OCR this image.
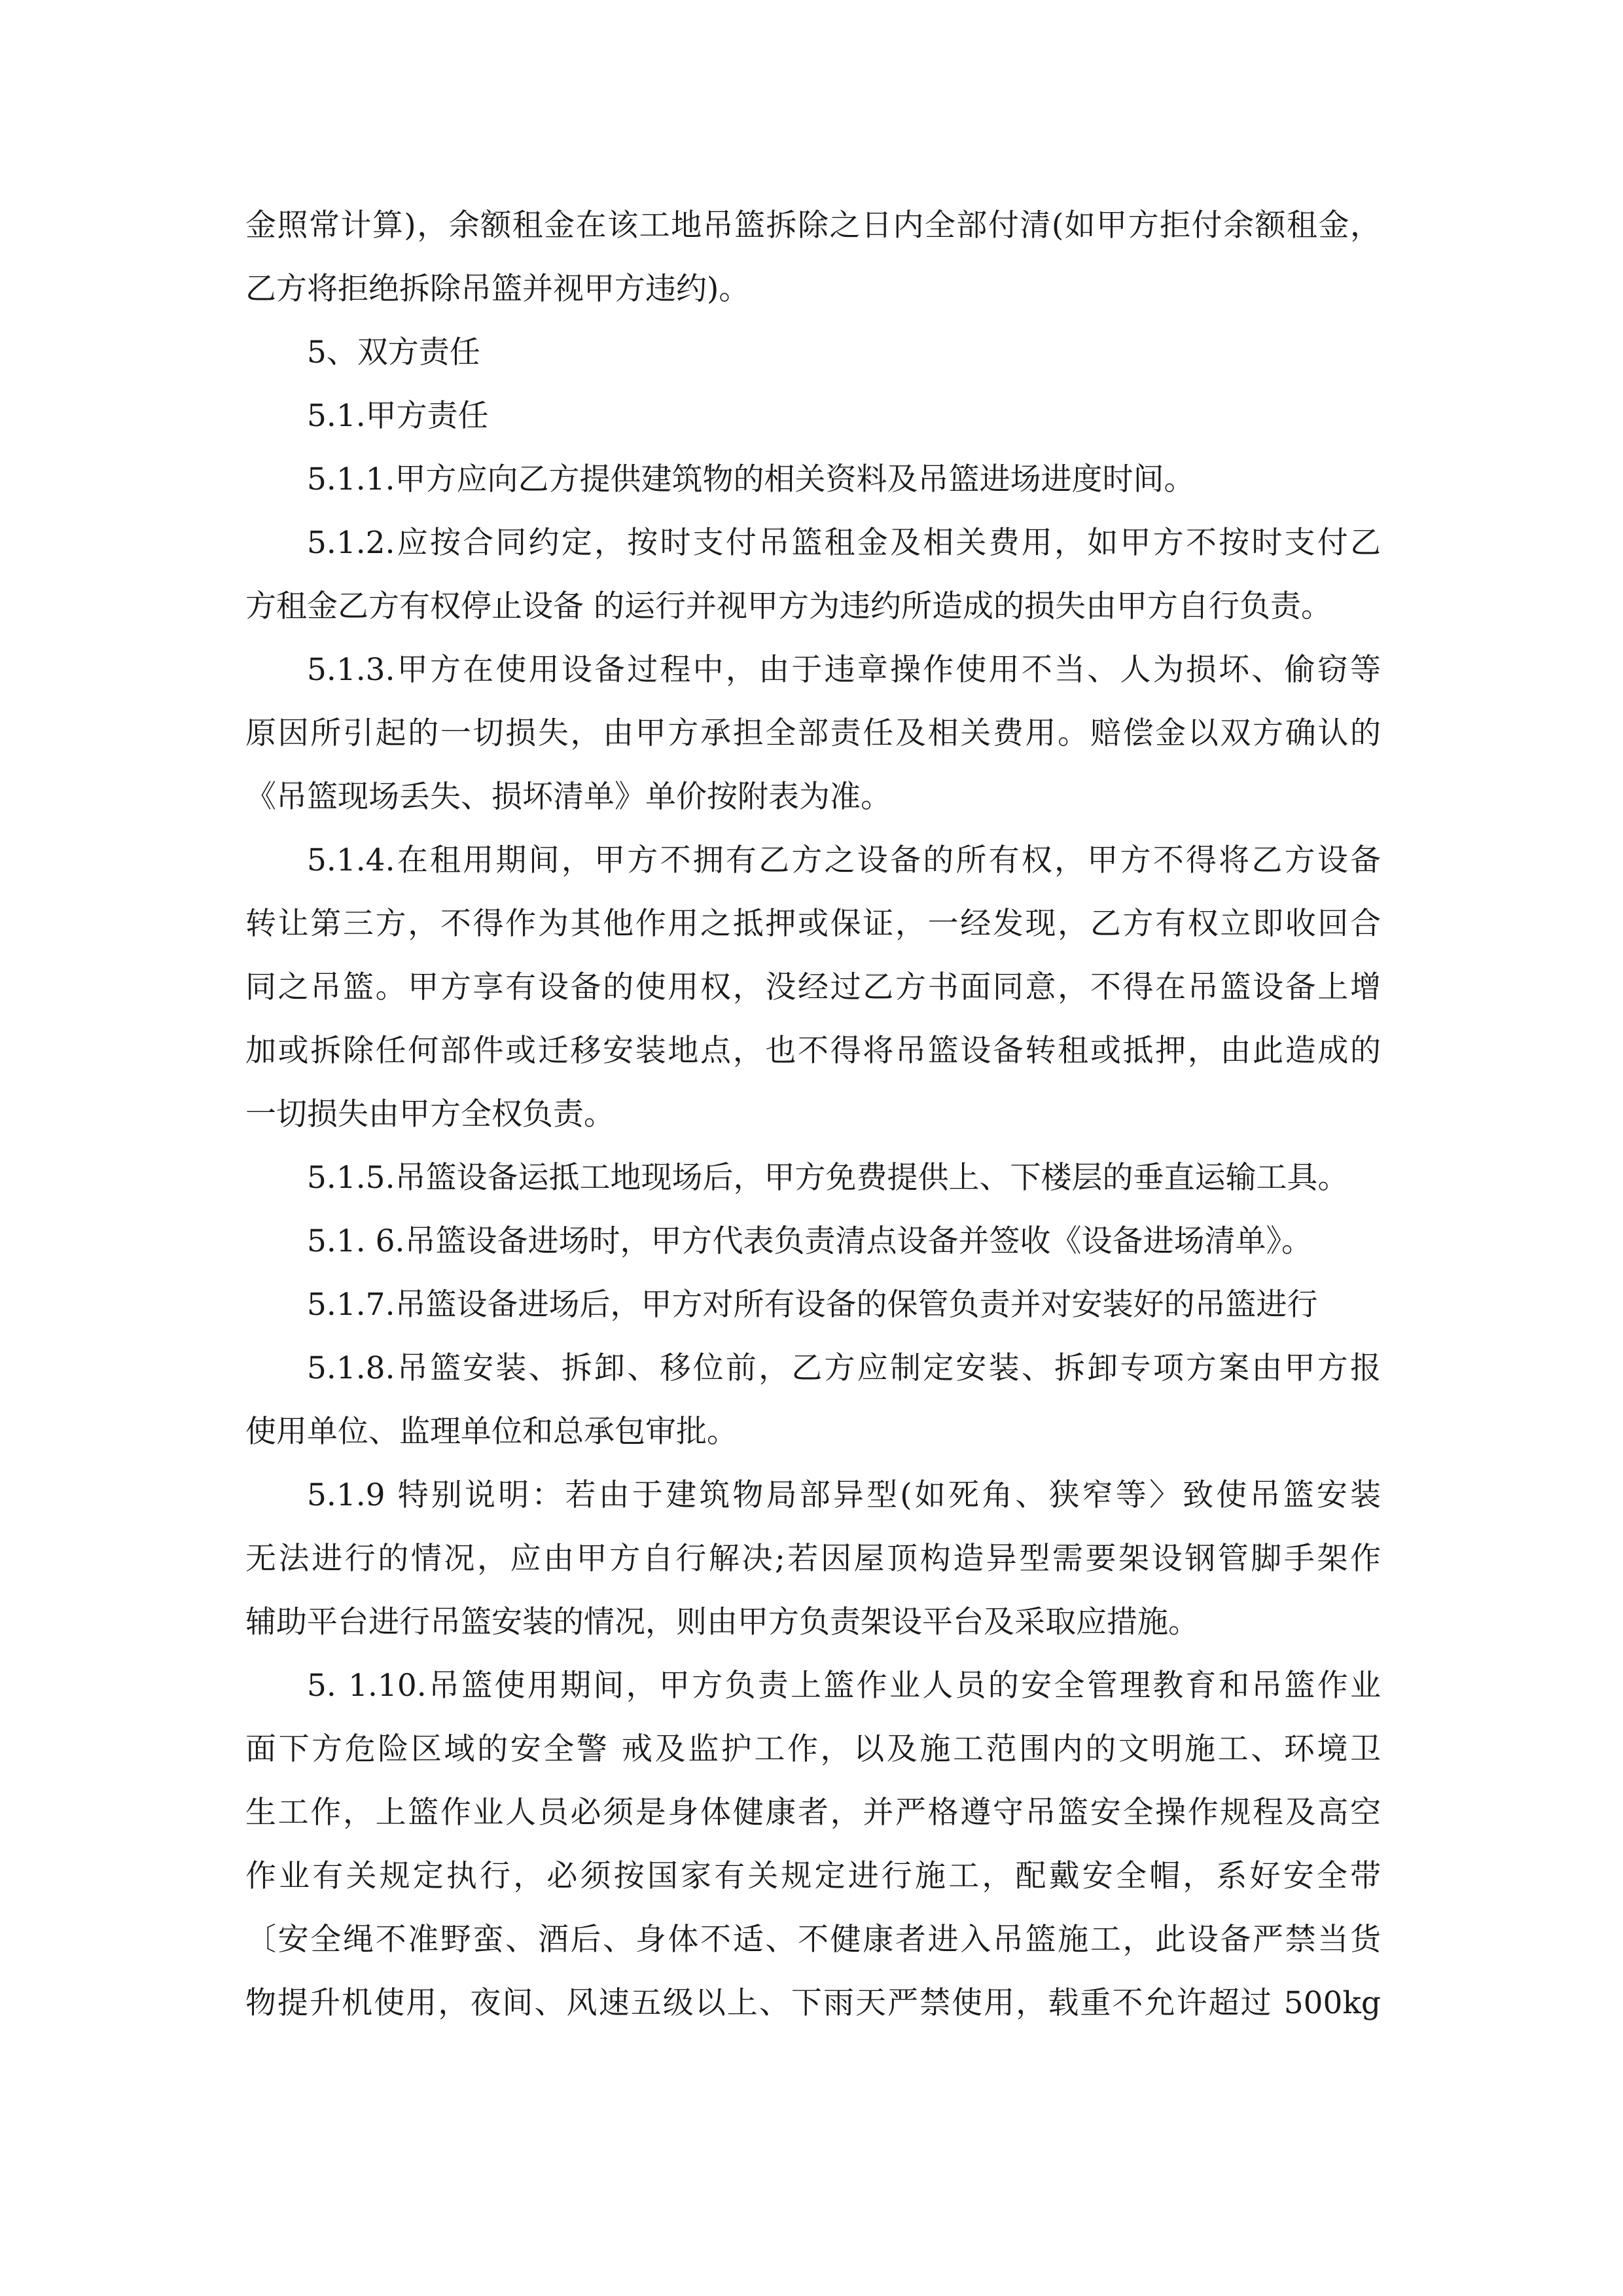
金照常计算)，余额租金在该工地吊篮拆除之日内全部付清(如甲方拒付余额租金，
乙方将拒绝拆除吊篮并视甲方违约)。
5、双方责任
5.1.甲方责任
5.1.1.甲方应向乙方提供建筑物的相关资料及吊篮进场进度时间。
5.1.2.应按合同约定，按时支付吊篮租金及相关费用，如甲方不按时支付乙
方租金乙方有权停止设备 的运行并视甲方为违约所造成的损失由甲方自行负责。
5.1.3.甲方在使用设备过程中，由于违章操作使用不当、人为损坏、偷窃等
原因所引起的一切损失，由甲方承担全部责任及相关费用。赔偿金以双方确认的
《吊篮现场丢失、损坏清单》单价按附表为准。
5.1.4.在租用期间，甲方不拥有乙方之设备的所有权，甲方不得将乙方设备
转让第三方，不得作为其他作用之抵押或保证，一经发现，乙方有权立即收回合
同之吊篮。甲方享有设备的使用权，没经过乙方书面同意，不得在吊篮设备上增
加或拆除任何部件或迁移安装地点，也不得将吊篮设备转租或抵押，由此造成的
一切损失由甲方全权负责。
5.1.5.吊篮设备运抵工地现场后，甲方免费提供上、下楼层的垂直运输工具。
5.1. 6.吊篮设备进场时，甲方代表负责清点设备并签收《设备进场清单》。
5.1.7.吊篮设备进场后，甲方对所有设备的保管负责并对安装好的吊篮进行
5.1.8.吊篮安装、拆卸、移位前，乙方应制定安装、拆卸专项方案由甲方报
使用单位、监理单位和总承包审批。
5.1.9 特别说明：若由于建筑物局部异型(如死角、狭窄等〉致使吊篮安装
无法进行的情况，应由甲方自行解决;若因屋顶构造异型需要架设钢管脚手架作
辅助平台进行吊篮安装的情况，则由甲方负责架设平台及采取应措施。
5. 1.10.吊篮使用期间，甲方负责上篮作业人员的安全管理教育和吊篮作业
面下方危险区域的安全警 戒及监护工作，以及施工范围内的文明施工、环境卫
生工作，上篮作业人员必须是身体健康者，并严格遵守吊篮安全操作规程及高空
作业有关规定执行，必须按国家有关规定进行施工，配戴安全帽，系好安全带
〔安全绳不准野蛮、酒后、身体不适、不健康者进入吊篮施工，此设备严禁当货
物提升机使用，夜间、风速五级以上、下雨天严禁使用，载重不允许超过 500kg
